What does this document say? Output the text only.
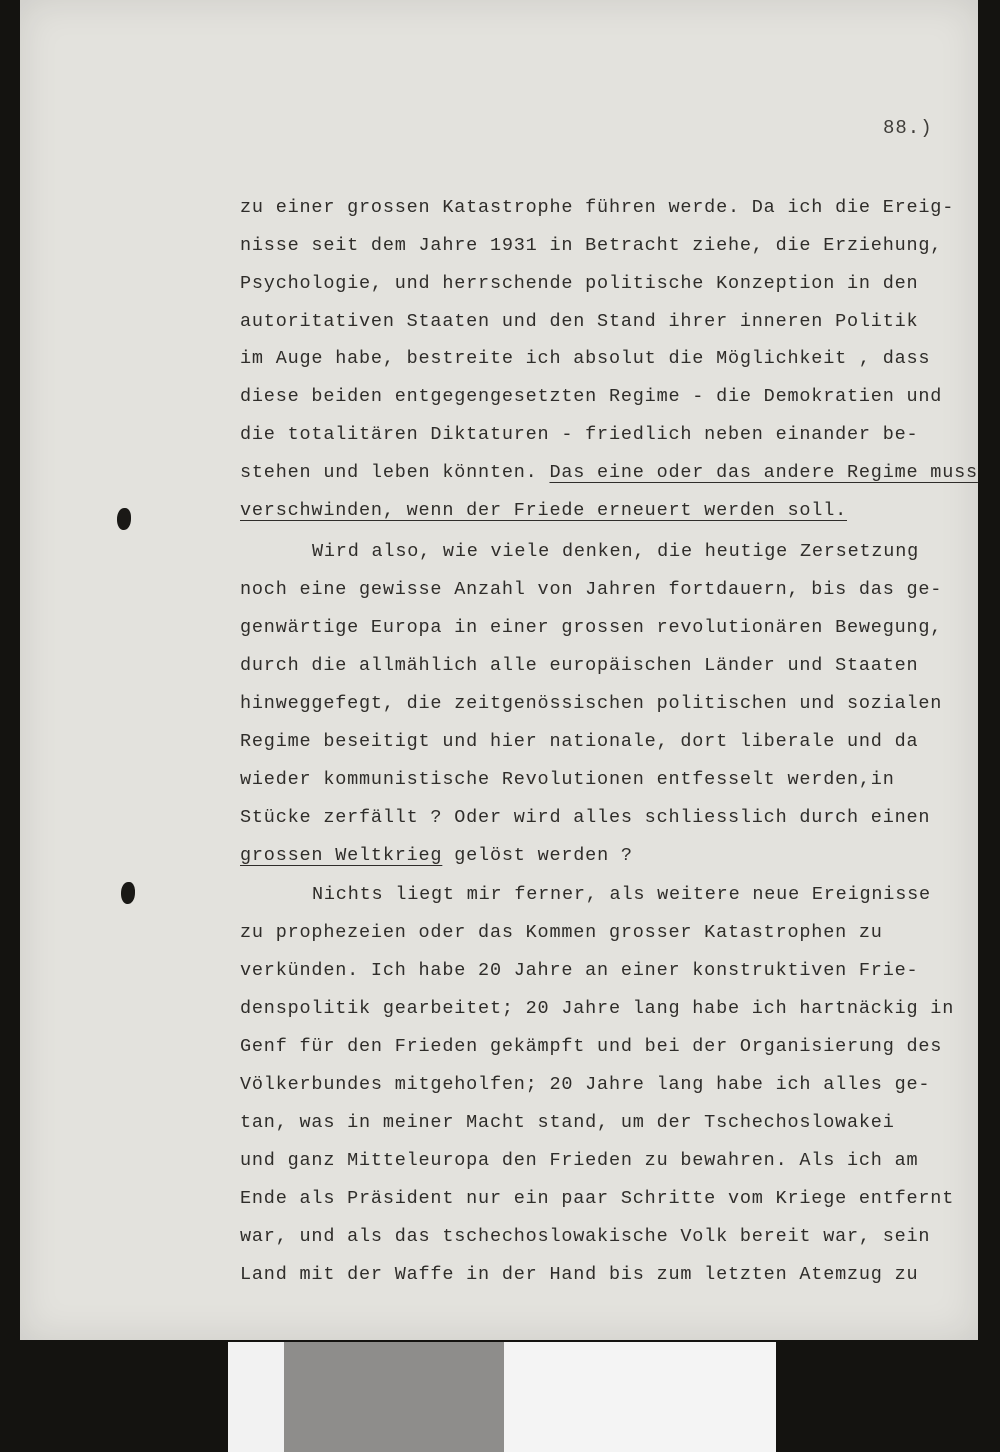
88.)
zu einer grossen Katastrophe führen werde. Da ich die Ereig-
nisse seit dem Jahre 1931 in Betracht ziehe, die Erziehung,
Psychologie, und herrschende politische Konzeption in den
autoritativen Staaten und den Stand ihrer inneren Politik
im Auge habe, bestreite ich absolut die Möglichkeit , dass
diese beiden entgegengesetzten Regime - die Demokratien und
die totalitären Diktaturen - friedlich neben einander be-
stehen und leben könnten. Das eine oder das andere Regime muss
verschwinden, wenn der Friede erneuert werden soll.
Wird also, wie viele denken, die heutige Zersetzung
noch eine gewisse Anzahl von Jahren fortdauern, bis das ge-
genwärtige Europa in einer grossen revolutionären Bewegung,
durch die allmählich alle europäischen Länder und Staaten
hinweggefegt, die zeitgenössischen politischen und sozialen
Regime beseitigt und hier nationale, dort liberale und da
wieder kommunistische Revolutionen entfesselt werden,in
Stücke zerfällt ? Oder wird alles schliesslich durch einen
grossen Weltkrieg gelöst werden ?
Nichts liegt mir ferner, als weitere neue Ereignisse
zu prophezeien oder das Kommen grosser Katastrophen zu
verkünden. Ich habe 20 Jahre an einer konstruktiven Frie-
denspolitik gearbeitet; 20 Jahre lang habe ich hartnäckig in
Genf für den Frieden gekämpft und bei der Organisierung des
Völkerbundes mitgeholfen; 20 Jahre lang habe ich alles ge-
tan, was in meiner Macht stand, um der Tschechoslowakei
und ganz Mitteleuropa den Frieden zu bewahren. Als ich am
Ende als Präsident nur ein paar Schritte vom Kriege entfernt
war, und als das tschechoslowakische Volk bereit war, sein
Land mit der Waffe in der Hand bis zum letzten Atemzug zu
